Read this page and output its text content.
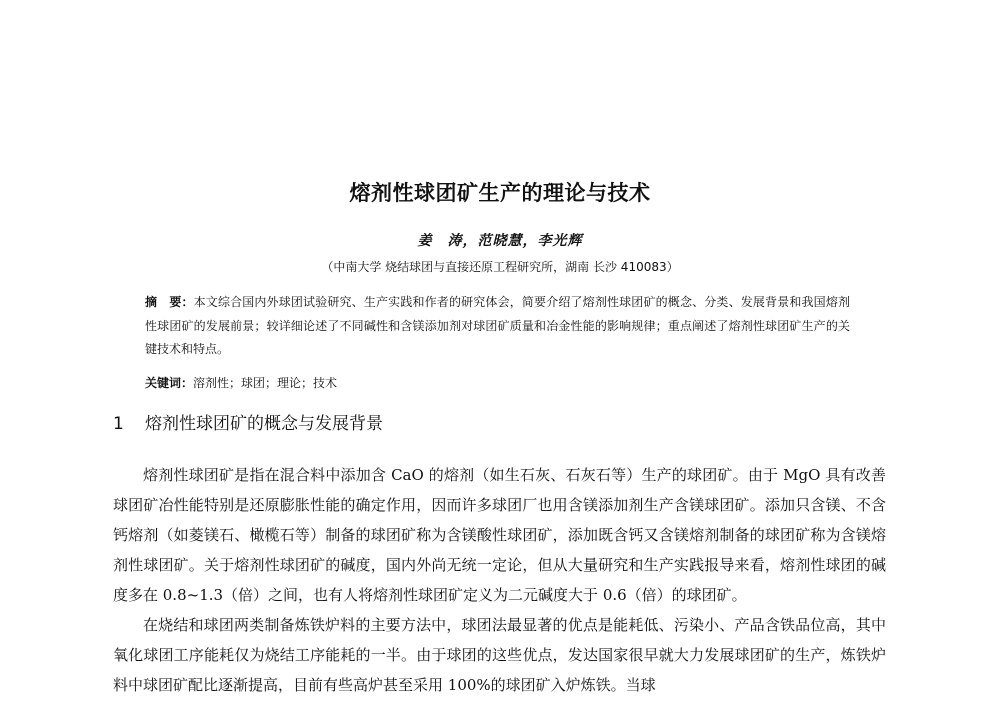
熔剂性球团矿生产的理论与技术
姜　涛，范晓慧，李光辉
（中南大学 烧结球团与直接还原工程研究所，湖南 长沙 410083）
摘　要：本文综合国内外球团试验研究、生产实践和作者的研究体会，简要介绍了熔剂性球团矿的概念、分类、发展背景和我国熔剂性球团矿的发展前景；较详细论述了不同碱性和含镁添加剂对球团矿质量和冶金性能的影响规律；重点阐述了熔剂性球团矿生产的关键技术和特点。
关键词：溶剂性；球团；理论；技术
1 熔剂性球团矿的概念与发展背景

熔剂性球团矿是指在混合料中添加含 CaO 的熔剂（如生石灰、石灰石等）生产的球团矿。由于 MgO 具有改善球团矿冶性能特别是还原膨胀性能的确定作用，因而许多球团厂也用含镁添加剂生产含镁球团矿。添加只含镁、不含钙熔剂（如菱镁石、橄榄石等）制备的球团矿称为含镁酸性球团矿，添加既含钙又含镁熔剂制备的球团矿称为含镁熔剂性球团矿。关于熔剂性球团矿的碱度，国内外尚无统一定论，但从大量研究和生产实践报导来看，熔剂性球团的碱度多在 0.8~1.3（倍）之间，也有人将熔剂性球团矿定义为二元碱度大于 0.6（倍）的球团矿。

在烧结和球团两类制备炼铁炉料的主要方法中，球团法最显著的优点是能耗低、污染小、产品含铁品位高，其中氧化球团工序能耗仅为烧结工序能耗的一半。由于球团的这些优点，发达国家很早就大力发展球团矿的生产，炼铁炉料中球团矿配比逐渐提高，目前有些高炉甚至采用 100%的球团矿入炉炼铁。当球
